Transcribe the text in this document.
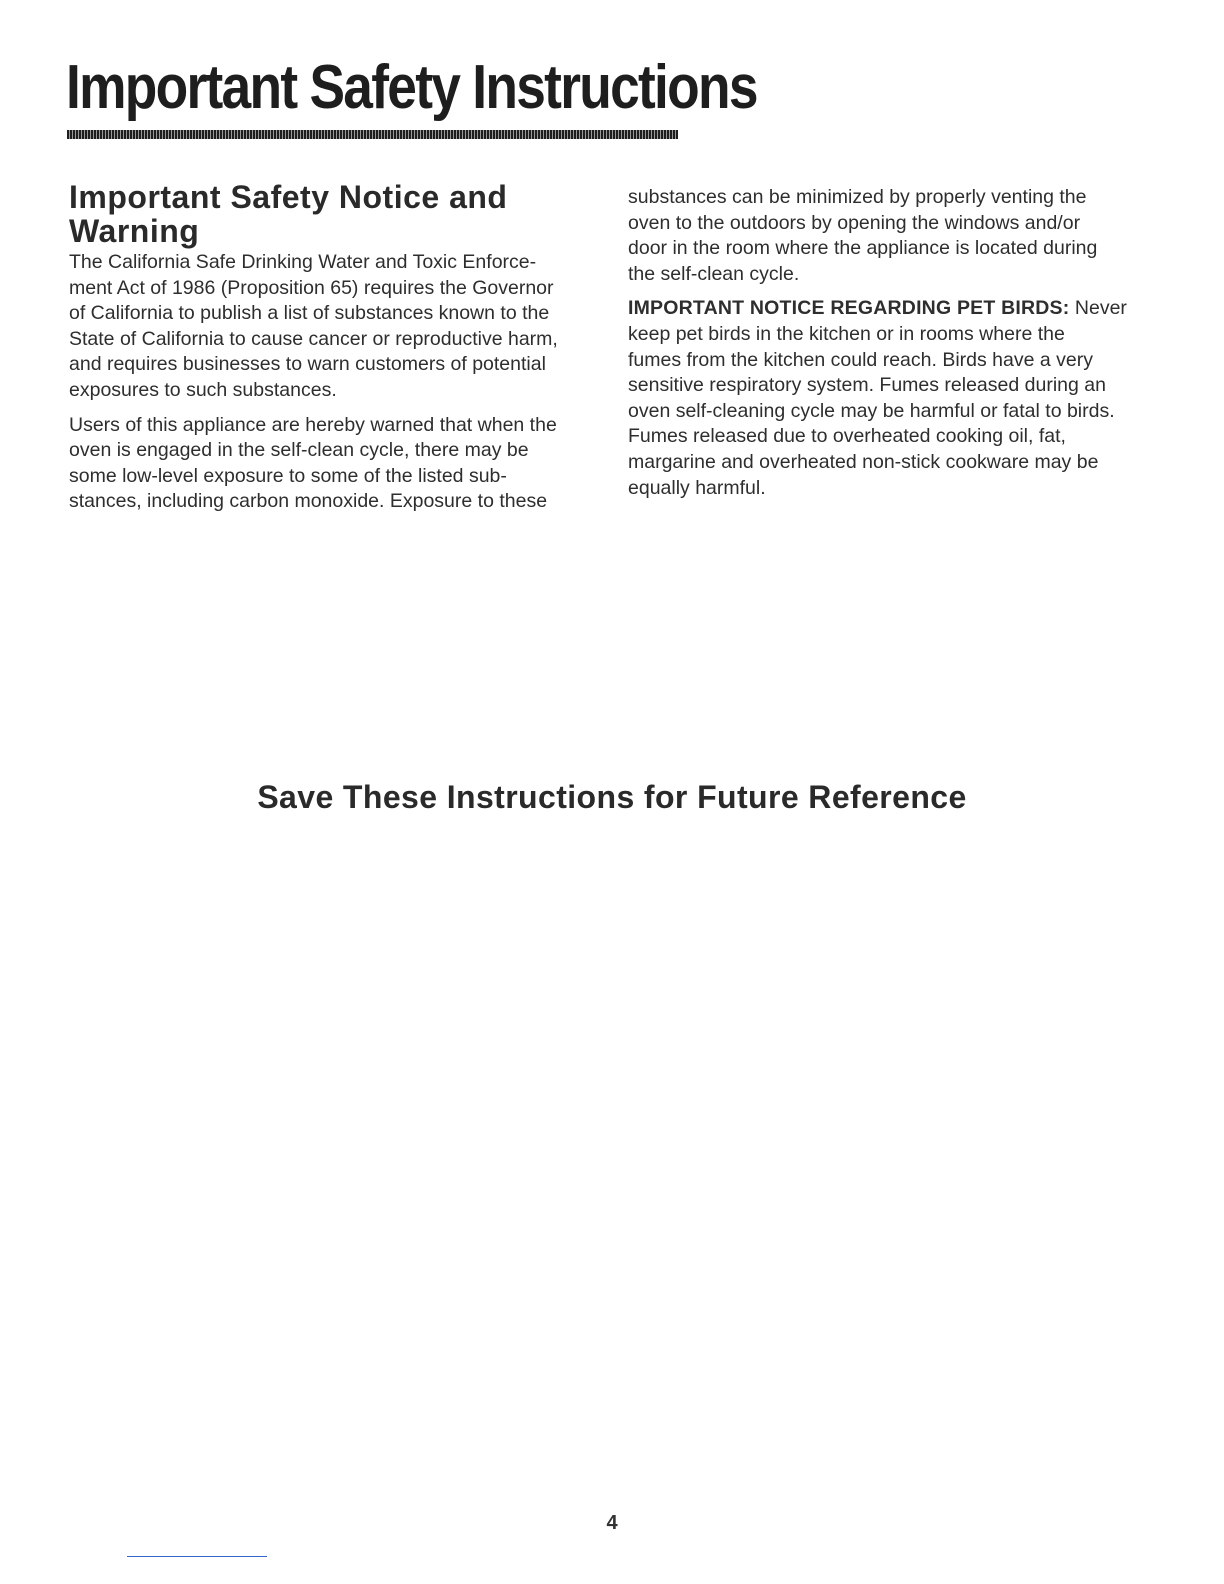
Important Safety Instructions
Important Safety Notice and Warning

The California Safe Drinking Water and Toxic Enforce-
ment Act of 1986 (Proposition 65) requires the Governor
of California to publish a list of substances known to the
State of California to cause cancer or reproductive harm,
and requires businesses to warn customers of potential
exposures to such substances.

Users of this appliance are hereby warned that when the
oven is engaged in the self-clean cycle, there may be
some low-level exposure to some of the listed sub-
stances, including carbon monoxide. Exposure to these

substances can be minimized by properly venting the
oven to the outdoors by opening the windows and/or
door in the room where the appliance is located during
the self-clean cycle.

IMPORTANT NOTICE REGARDING PET BIRDS: Never
keep pet birds in the kitchen or in rooms where the
fumes from the kitchen could reach. Birds have a very
sensitive respiratory system. Fumes released during an
oven self-cleaning cycle may be harmful or fatal to birds.
Fumes released due to overheated cooking oil, fat,
margarine and overheated non-stick cookware may be
equally harmful.

Save These Instructions for Future Reference
4
